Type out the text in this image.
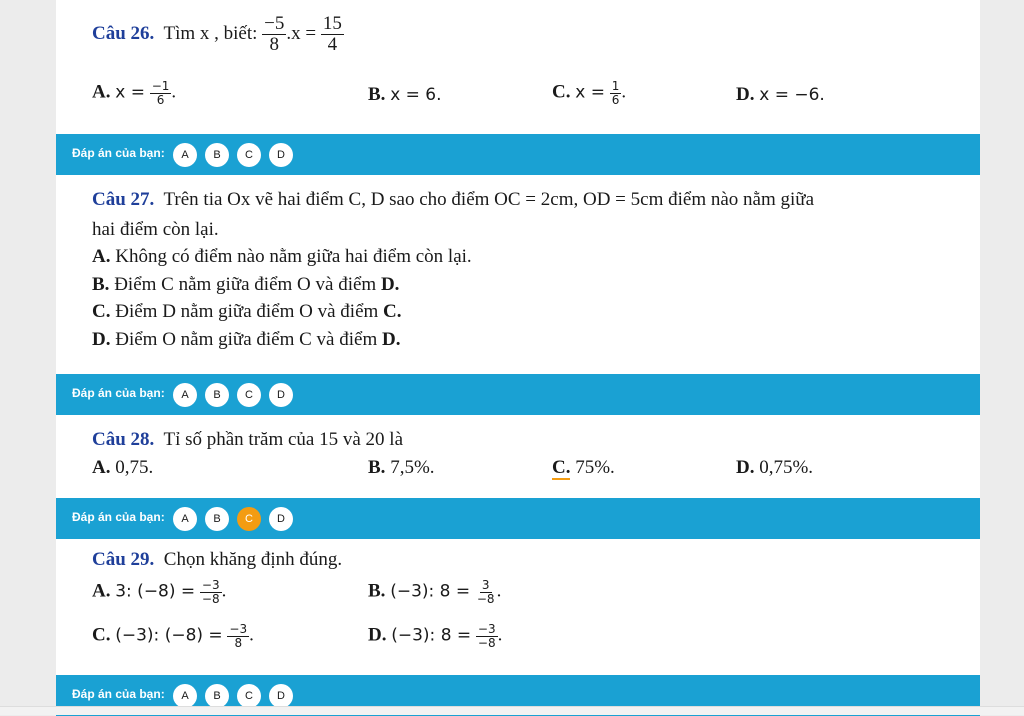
Câu 26. Tìm x , biết: $\frac{-5}{8} .x = \frac{15}{4}$
A. $x = \frac{-1}{6}$ .	B. x = 6.	C. $x = \frac{1}{6}$ .	D. x = −6.
Đáp án của bạn:	A	B	C	D
Câu 27. Trên tia Ox vẽ hai điểm C, D sao cho điểm OC = 2cm, OD = 5cm điểm nào nằm giữa
hai điểm còn lại.
A. Không có điểm nào nằm giữa hai điểm còn lại.
B. Điểm C nằm giữa điểm O và điểm D.
C. Điểm D nằm giữa điểm O và điểm C.
D. Điểm O nằm giữa điểm C và điểm D.
Đáp án của bạn:	A	B	C	D
Câu 28. Tỉ số phần trăm của 15 và 20 là
A. 0,75.	B. 7,5%.	C. 75%.	D. 0,75%.
Đáp án của bạn:	A	B	C	D
Câu 29. Chọn khăng định đúng.
A. 3: $(-8) = \frac{-3}{-8}$ .	B. (−3): $8 = \frac{3}{-8}$ .
C. (−3): $(-8) = \frac{-3}{8}$ .	D. (−3): $8 = \frac{-3}{-8}$ .
Đáp án của bạn:	A	B	C	D
